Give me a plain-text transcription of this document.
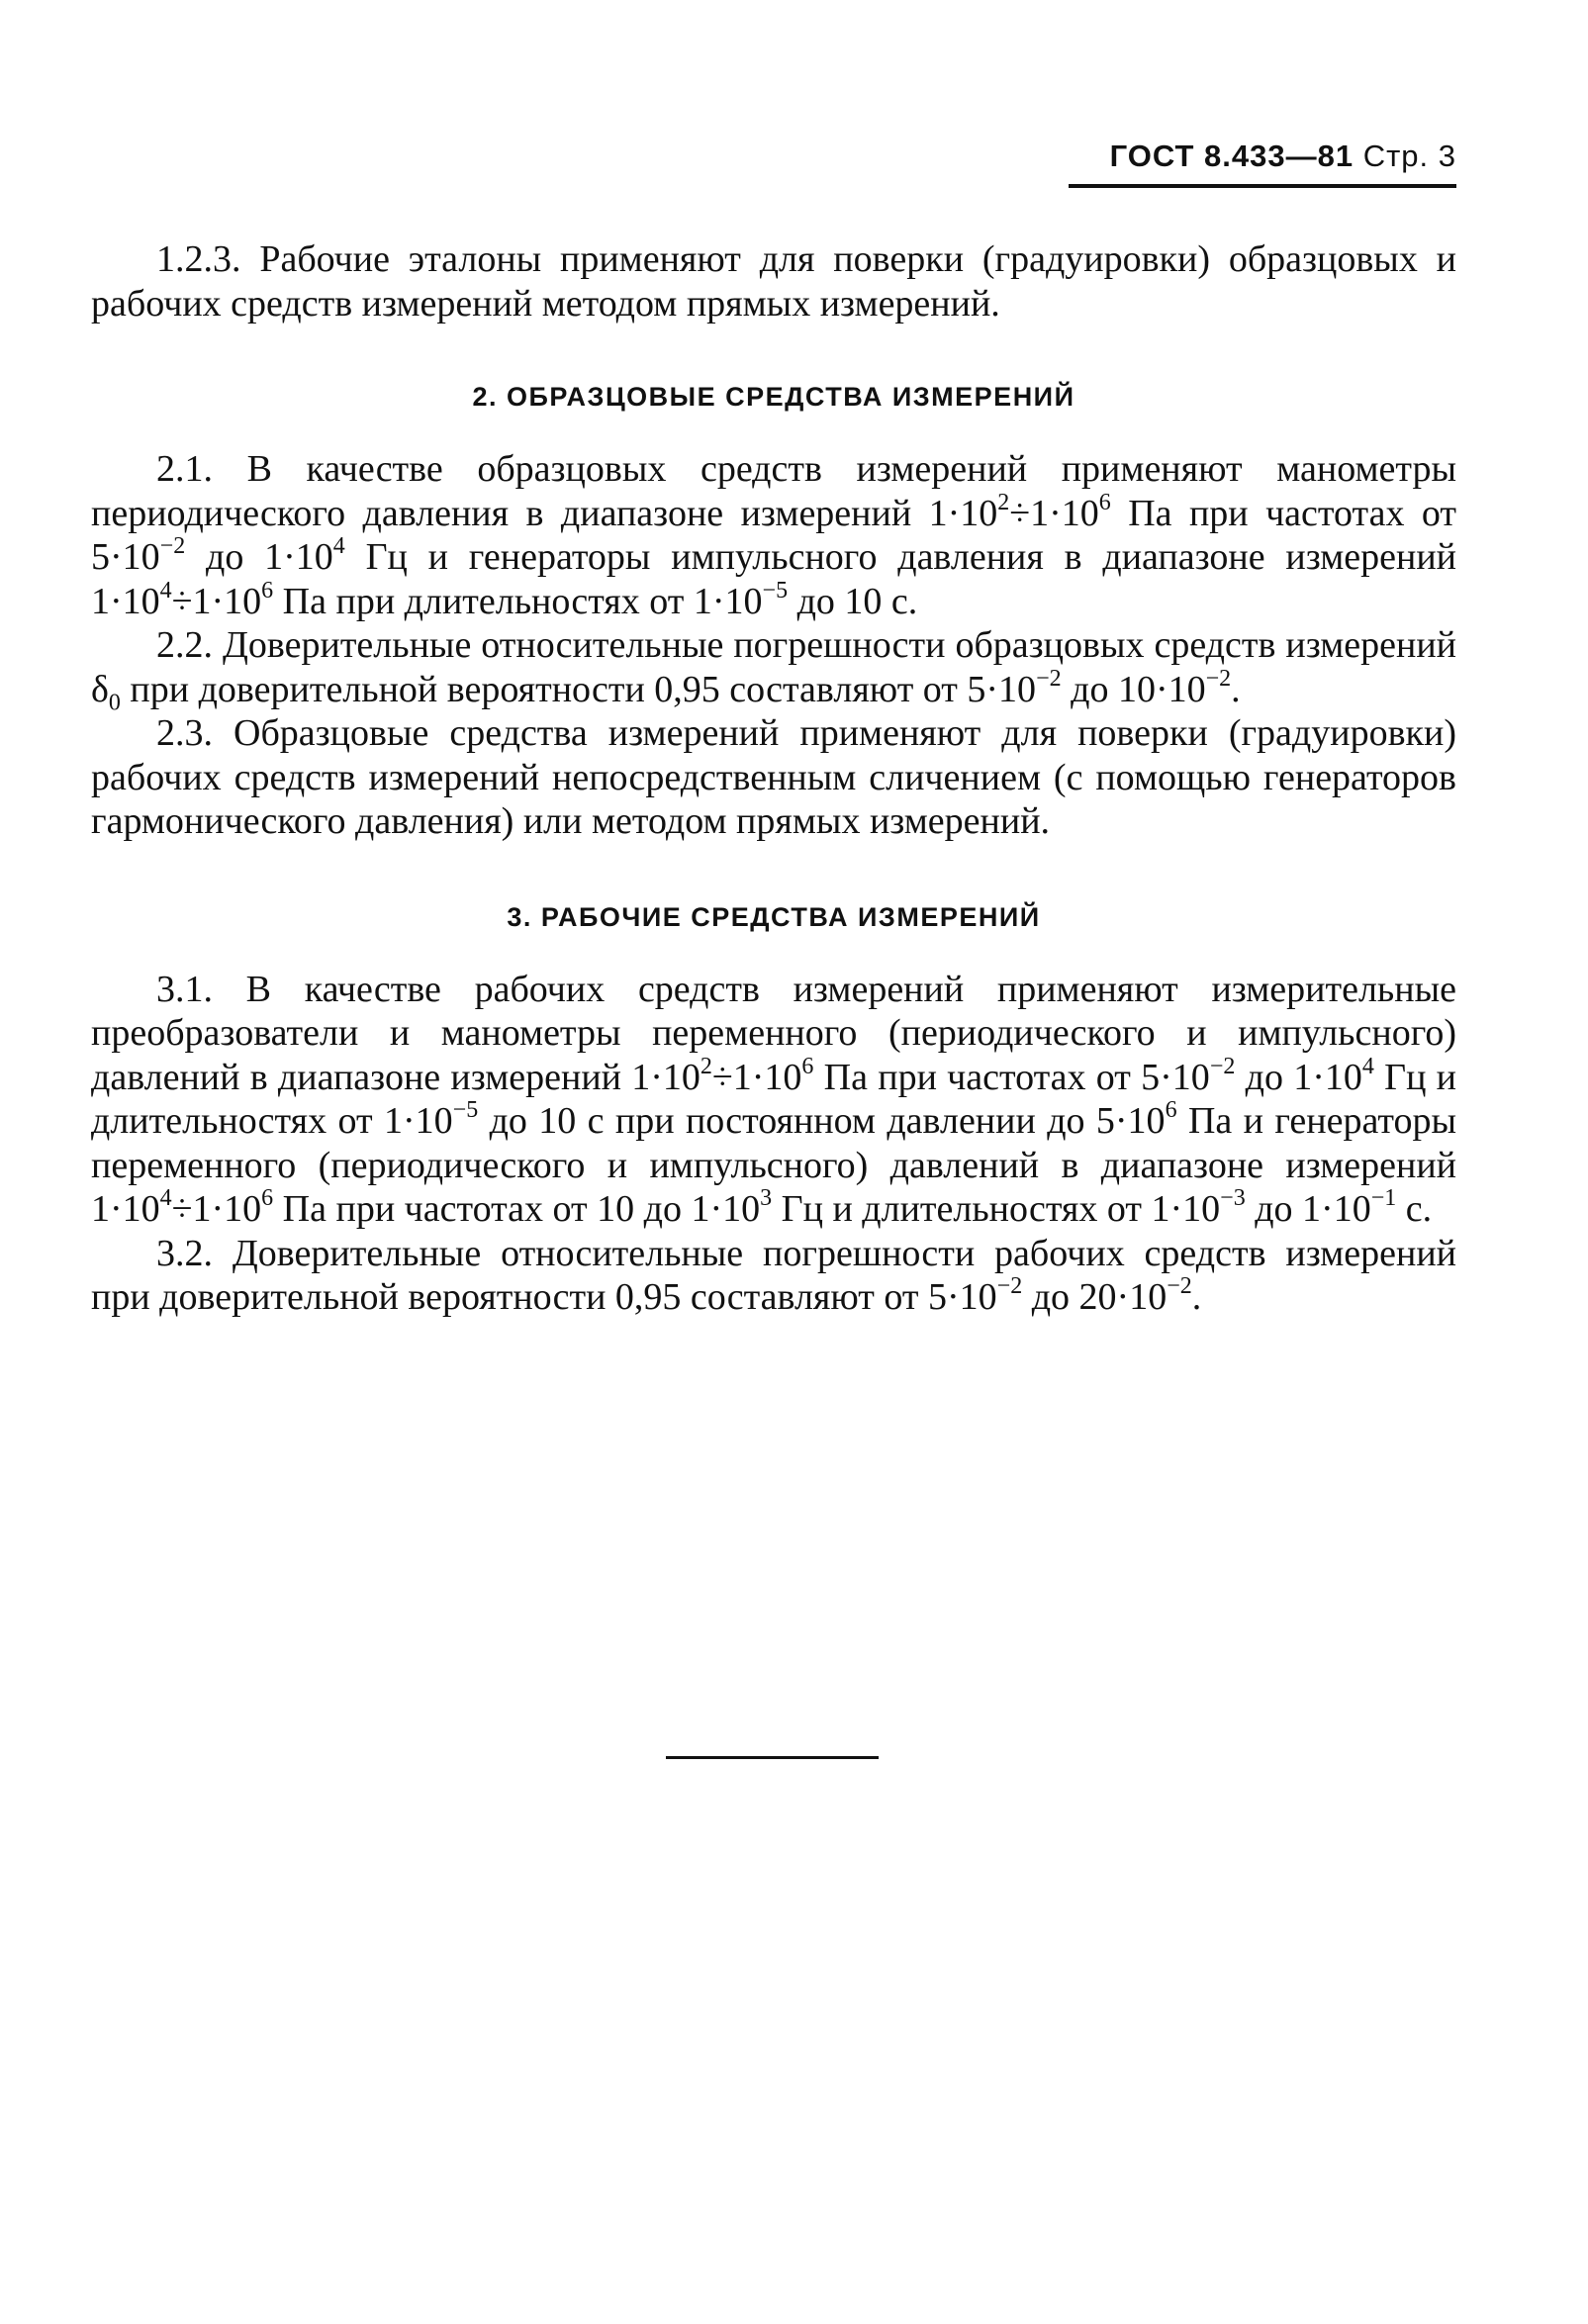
ГОСТ 8.433—81 Стр. 3

1.2.3. Рабочие эталоны применяют для поверки (градуировки) образцовых и рабочих средств измерений методом прямых измерений.

2. ОБРАЗЦОВЫЕ СРЕДСТВА ИЗМЕРЕНИЙ

2.1. В качестве образцовых средств измерений применяют манометры периодического давления в диапазоне измерений $1\cdot 10^2\div 1\cdot 10^6$ Па при частотах от $5\cdot 10^{-2}$ до $1\cdot 10^4$ Гц и генераторы импульсного давления в диапазоне измерений $1\cdot 10^4\div 1\cdot 10^6$ Па при длительностях от $1\cdot 10^{-5}$ до 10 с.

2.2. Доверительные относительные погрешности образцовых средств измерений $\delta_0$ при доверительной вероятности 0,95 составляют от $5\cdot 10^{-2}$ до $10\cdot 10^{-2}$.

2.3. Образцовые средства измерений применяют для поверки (градуировки) рабочих средств измерений непосредственным сличением (с помощью генераторов гармонического давления) или методом прямых измерений.

3. РАБОЧИЕ СРЕДСТВА ИЗМЕРЕНИЙ

3.1. В качестве рабочих средств измерений применяют измерительные преобразователи и манометры переменного (периодического и импульсного) давлений в диапазоне измерений $1\cdot 10^2\div 1\cdot 10^6$ Па при частотах от $5\cdot 10^{-2}$ до $1\cdot 10^4$ Гц и длительностях от $1\cdot 10^{-5}$ до 10 с при постоянном давлении до $5\cdot 10^6$ Па и генераторы переменного (периодического и импульсного) давлений в диапазоне измерений $1\cdot 10^4\div 1\cdot 10^6$ Па при частотах от 10 до $1\cdot 10^3$ Гц и длительностях от $1\cdot 10^{-3}$ до $1\cdot 10^{-1}$ с.

3.2. Доверительные относительные погрешности рабочих средств измерений при доверительной вероятности 0,95 составляют от $5\cdot 10^{-2}$ до $20\cdot 10^{-2}$.
